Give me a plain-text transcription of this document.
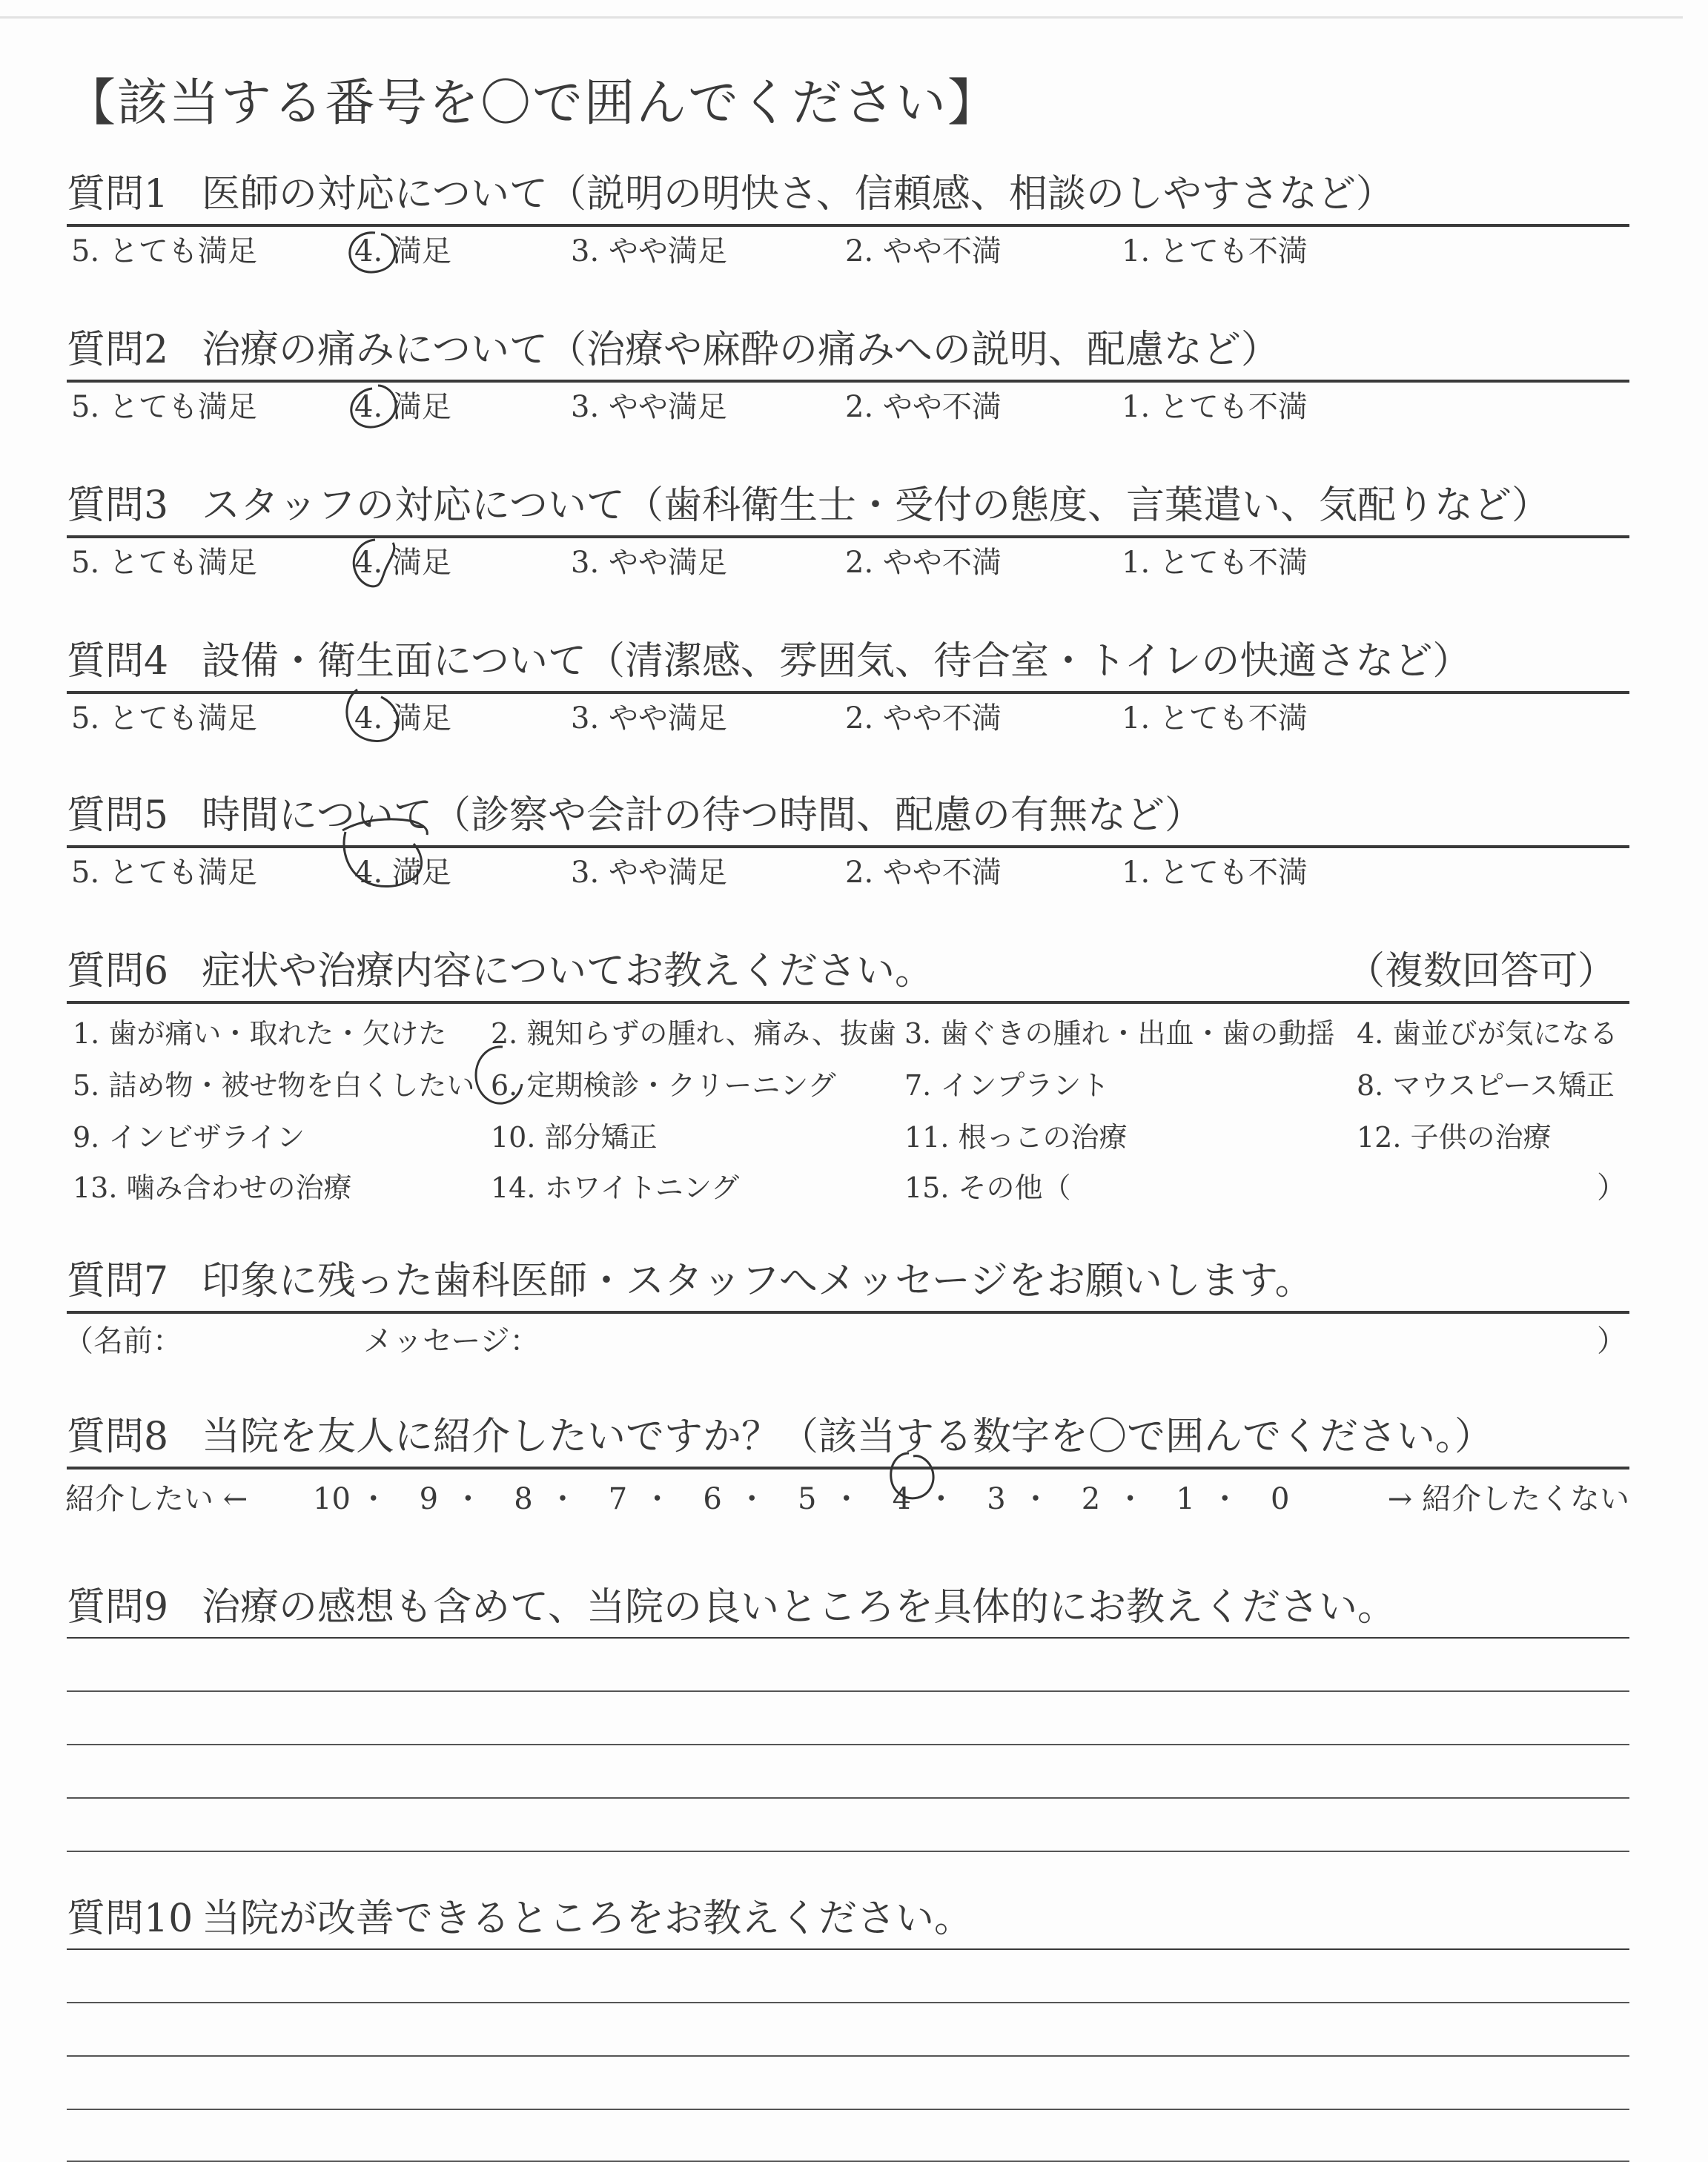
【該当する番号を〇で囲んでください】
質問1 医師の対応について（説明の明快さ、信頼感、相談のしやすさなど）
5. とても満足	4. 満足	3. やや満足	2. やや不満	1. とても不満
質問2 治療の痛みについて（治療や麻酔の痛みへの説明、配慮など）
5. とても満足	4. 満足	3. やや満足	2. やや不満	1. とても不満
質問3 スタッフの対応について（歯科衛生士・受付の態度、言葉遣い、気配りなど）
5. とても満足	4. 満足	3. やや満足	2. やや不満	1. とても不満
質問4 設備・衛生面について（清潔感、雰囲気、待合室・トイレの快適さなど）
5. とても満足	4. 満足	3. やや満足	2. やや不満	1. とても不満
質問5 時間について（診察や会計の待つ時間、配慮の有無など）
5. とても満足	4. 満足	3. やや満足	2. やや不満	1. とても不満
質問6 症状や治療内容についてお教えください。	（複数回答可）
1. 歯が痛い・取れた・欠けた 2. 親知らずの腫れ、痛み、抜歯 3. 歯ぐきの腫れ・出血・歯の動揺 4. 歯並びが気になる
5. 詰め物・被せ物を白くしたい 6. 定期検診・クリーニング 7. インプラント	8. マウスピース矯正
9. インビザライン	10. 部分矯正	11. 根っこの治療	12. 子供の治療
13. 噛み合わせの治療	14. ホワイトニング	15. その他（	）
質問7 印象に残った歯科医師・スタッフへメッセージをお願いします。
（名前：	メッセージ：	）
質問8 当院を友人に紹介したいですか？（該当する数字を〇で囲んでください。）
紹介したい ←	→ 紹介したくない
10 ・ 9 ・ 8 ・ 7 ・ 6 ・ 5 ・ 4 ・ 3 ・ 2 ・ 1 ・ 0
質問9 治療の感想も含めて、当院の良いところを具体的にお教えください。
質問10 当院が改善できるところをお教えください。
